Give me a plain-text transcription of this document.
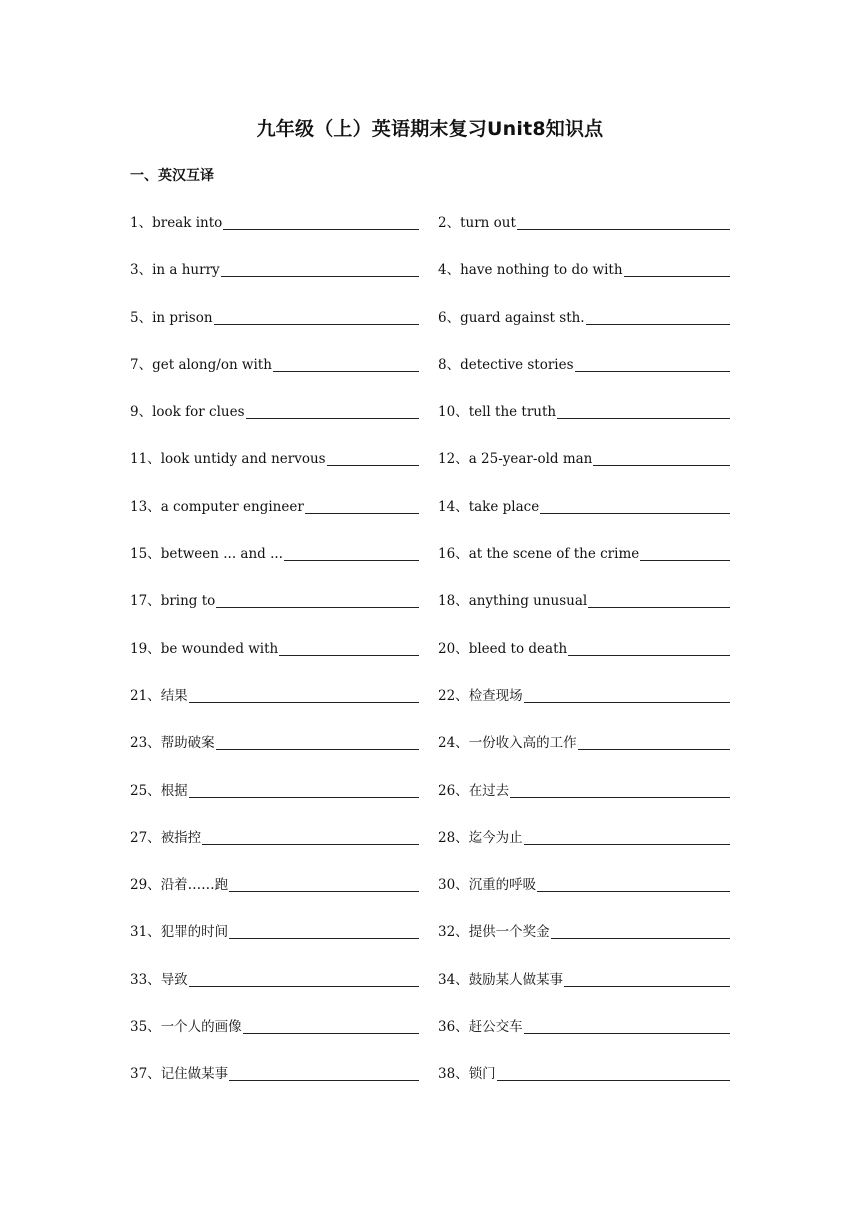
九年级（上）英语期末复习Unit8知识点
一、英汉互译
1、 break into	2、 turn out
3、 in a hurry	4、 have nothing to do with
5、 in prison	6、 guard against sth.
7、 get along/on with	8、 detective stories
9、 look for clues	10、 tell the truth
11、 look untidy and nervous	12、 a 25-year-old man
13、 a computer engineer	14、 take place
15、 between ... and ...	16、 at the scene of the crime
17、 bring to	18、 anything unusual
19、 be wounded with	20、 bleed to death
21、 结果	22、 检查现场
23、 帮助破案	24、 一份收入高的工作
25、 根据	26、 在过去
27、 被指控	28、 迄今为止
29、 沿着……跑	30、 沉重的呼吸
31、 犯罪的时间	32、 提供一个奖金
33、 导致	34、 鼓励某人做某事
35、 一个人的画像	36、 赶公交车
37、 记住做某事	38、 锁门
